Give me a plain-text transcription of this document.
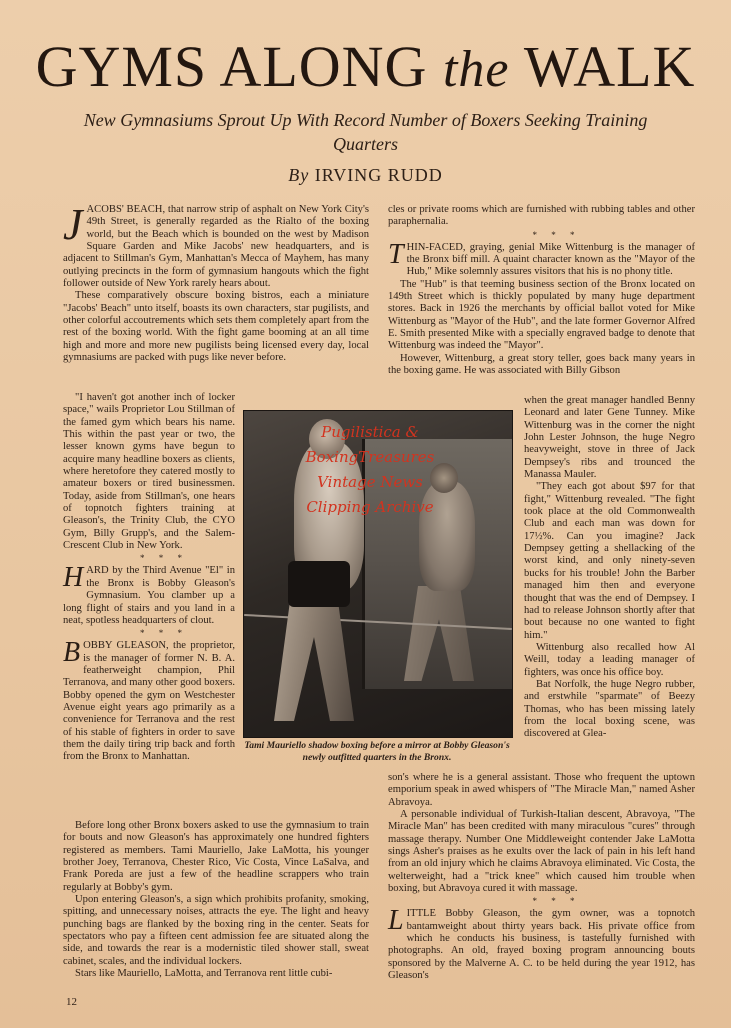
GYMS ALONG the WALK
New Gymnasiums Sprout Up With Record Number of Boxers Seeking Training Quarters
By IRVING RUDD

JACOBS' BEACH, that narrow strip of asphalt on New York City's 49th Street, is generally regarded as the Rialto of the boxing world, but the Beach which is bounded on the west by Madison Square Garden and Mike Jacobs' new headquarters, and is adjacent to Stillman's Gym, Manhattan's Mecca of Mayhem, has many outlying precincts in the form of gymnasium hangouts which the fight follower outside of New York rarely hears about.

These comparatively obscure boxing bistros, each a miniature "Jacobs' Beach" unto itself, boasts its own characters, star pugilists, and other colorful accoutrements which sets them completely apart from the rest of the boxing world. With the fight game booming at an all time high and more and more new pugilists being licensed every day, local gymnasiums are packed with pugs like never before.

"I haven't got another inch of locker space," wails Proprietor Lou Stillman of the famed gym which bears his name. This within the past year or two, the lesser known gyms have begun to acquire many headline boxers as clients, where heretofore they catered mostly to amateur boxers or tired businessmen. Today, aside from Stillman's, one hears of topnotch fighters training at Gleason's, the Trinity Club, the CYO Gym, Billy Grupp's, and the Salem-Crescent Club in New York.

* * *

HARD by the Third Avenue "El" in the Bronx is Bobby Gleason's Gymnasium. You clamber up a long flight of stairs and you land in a neat, spotless headquarters of clout.

* * *

BOBBY GLEASON, the proprietor, is the manager of former N. B. A. featherweight champion, Phil Terranova, and many other good boxers. Bobby opened the gym on Westchester Avenue eight years ago primarily as a convenience for Terranova and the rest of his stable of fighters in order to save them the daily tiring trip back and forth from the Bronx to Manhattan.

Before long other Bronx boxers asked to use the gymnasium to train for bouts and now Gleason's has approximately one hundred fighters registered as members. Tami Mauriello, Jake LaMotta, his younger brother Joey, Terranova, Chester Rico, Vic Costa, Vince LaSalva, and Frank Poreda are just a few of the headline scrappers who train regularly at Bobby's gym.

Upon entering Gleason's, a sign which prohibits profanity, smoking, spitting, and unnecessary noises, attracts the eye. The light and heavy punching bags are flanked by the boxing ring in the center. Seats for spectators who pay a fifteen cent admission fee are situated along the side, and towards the rear is a modernistic tiled shower stall, sweat cabinet, scales, and the individual lockers.

Stars like Mauriello, LaMotta, and Terranova rent little cubi-

cles or private rooms which are furnished with rubbing tables and other paraphernalia.

* * *

THIN-FACED, graying, genial Mike Wittenburg is the manager of the Bronx biff mill. A quaint character known as the "Mayor of the Hub," Mike solemnly assures visitors that his is no phony title.

The "Hub" is that teeming business section of the Bronx located on 149th Street which is thickly populated by many huge department stores. Back in 1926 the merchants by official ballot voted for Mike Wittenburg as "Mayor of the Hub", and the late former Governor Alfred E. Smith presented Mike with a specially engraved badge to denote that Wittenburg was indeed the "Mayor".

However, Wittenburg, a great story teller, goes back many years in the boxing game. He was associated with Billy Gibson

when the great manager handled Benny Leonard and later Gene Tunney. Mike Wittenburg was in the corner the night John Lester Johnson, the huge Negro heavyweight, stove in three of Jack Dempsey's ribs and trounced the Manassa Mauler.

"They each got about $97 for that fight," Wittenburg revealed. "The fight took place at the old Commonwealth Club and each man was down for 17½%. Can you imagine? Jack Dempsey getting a shellacking of the worst kind, and only ninety-seven bucks for his trouble! John the Barber managed him then and everyone thought that was the end of Dempsey. I had to release Johnson shortly after that bout because no one wanted to fight him."

Wittenburg also recalled how Al Weill, today a leading manager of fighters, was once his office boy.

Bat Norfolk, the huge Negro rubber, and erstwhile "sparmate" of Beezy Thomas, who has been missing lately from the local boxing scene, was discovered at Glea-

son's where he is a general assistant. Those who frequent the uptown emporium speak in awed whispers of "The Miracle Man," named Asher Abravoya.

A personable individual of Turkish-Italian descent, Abravoya, "The Miracle Man" has been credited with many miraculous "cures" through massage therapy. Number One Middleweight contender Jake LaMotta sings Asher's praises as he exults over the lack of pain in his left hand from an old injury which he claims Abravoya eliminated. Vic Costa, the welterweight, had a "trick knee" which caused him trouble when boxing, but Abravoya cured it with massage.

* * *

LITTLE Bobby Gleason, the gym owner, was a topnotch bantamweight about thirty years back. His private office from which he conducts his business, is tastefully furnished with photographs. An old, frayed boxing program announcing bouts sponsored by the Malverne A. C. to be held during the year 1912, has Gleason's

Pugilistica & BoxingTreasures Vintage News Clipping Archive
Tami Mauriello shadow boxing before a mirror at Bobby Gleason's newly outfitted quarters in the Bronx.
12
